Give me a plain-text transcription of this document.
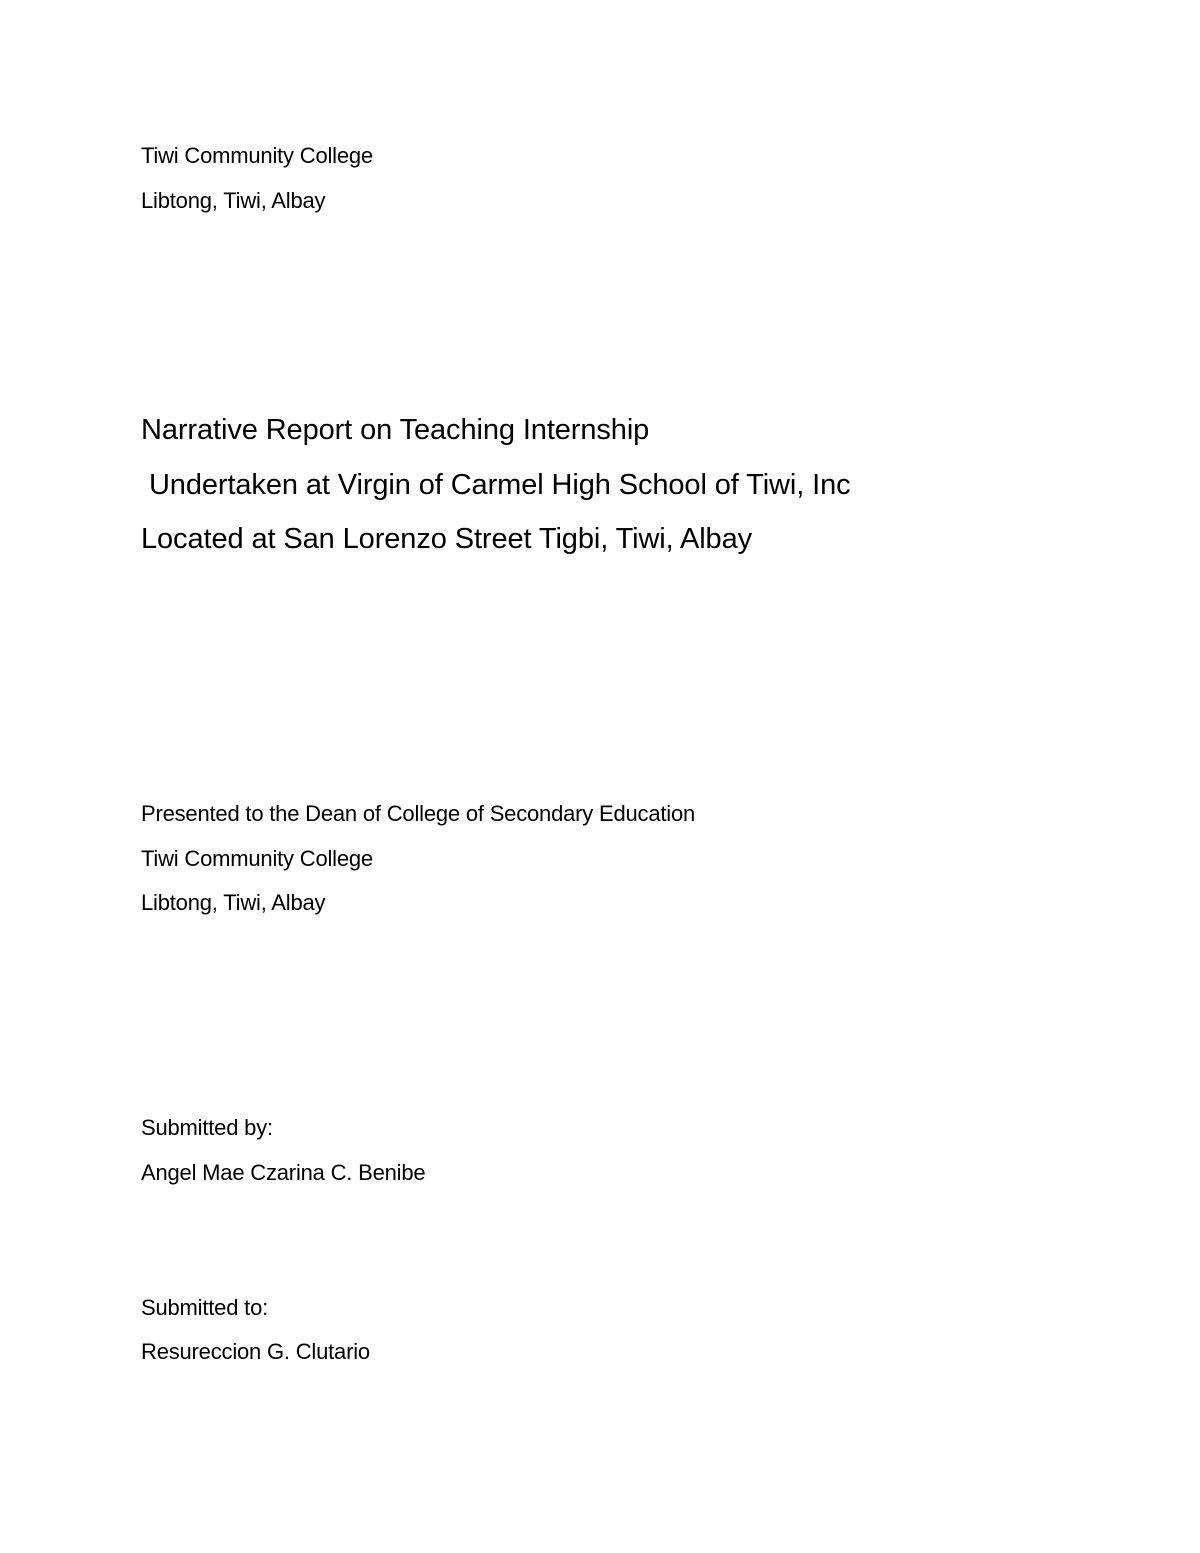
Tiwi Community College
Libtong, Tiwi, Albay
Narrative Report on Teaching Internship
Undertaken at Virgin of Carmel High School of Tiwi, Inc
Located at San Lorenzo Street Tigbi, Tiwi, Albay
Presented to the Dean of College of Secondary Education
Tiwi Community College
Libtong, Tiwi, Albay
Submitted by:
Angel Mae Czarina C. Benibe
Submitted to:
Resureccion G. Clutario
